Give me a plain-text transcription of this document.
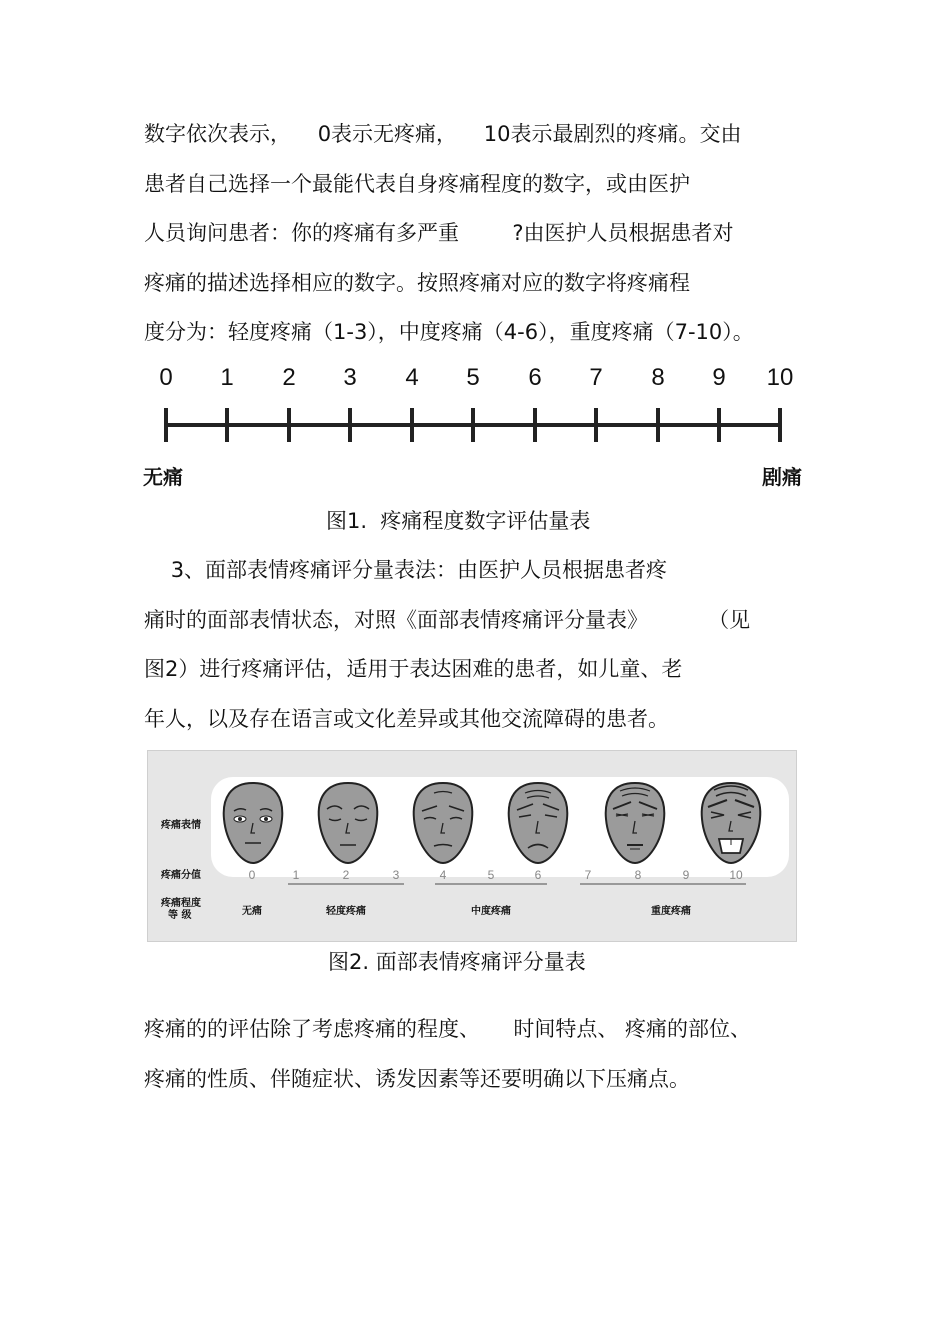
数字依次表示，    0表示无疼痛，    10表示最剧烈的疼痛。交由
患者自己选择一个最能代表自身疼痛程度的数字，或由医护
人员询问患者：你的疼痛有多严重        ?由医护人员根据患者对
疼痛的描述选择相应的数字。按照疼痛对应的数字将疼痛程
度分为：轻度疼痛（1-3），中度疼痛（4-6），重度疼痛（7-10）。
0 1 2 3 4 5 6 7 8 9 10
无痛	剧痛
图1.  疼痛程度数字评估量表
3、面部表情疼痛评分量表法：由医护人员根据患者疼
痛时的面部表情状态，对照《面部表情疼痛评分量表》         （见
图2）进行疼痛评估，适用于表达困难的患者，如儿童、老
年人，以及存在语言或文化差异或其他交流障碍的患者。
疼痛表情
疼痛分值
疼痛程度
等 级
0	1	2	3	4	5	6	7	8	9	10
无痛	轻度疼痛	中度疼痛	重度疼痛
图2. 面部表情疼痛评分量表
疼痛的的评估除了考虑疼痛的程度、     时间特点、 疼痛的部位、
疼痛的性质、伴随症状、诱发因素等还要明确以下压痛点。
